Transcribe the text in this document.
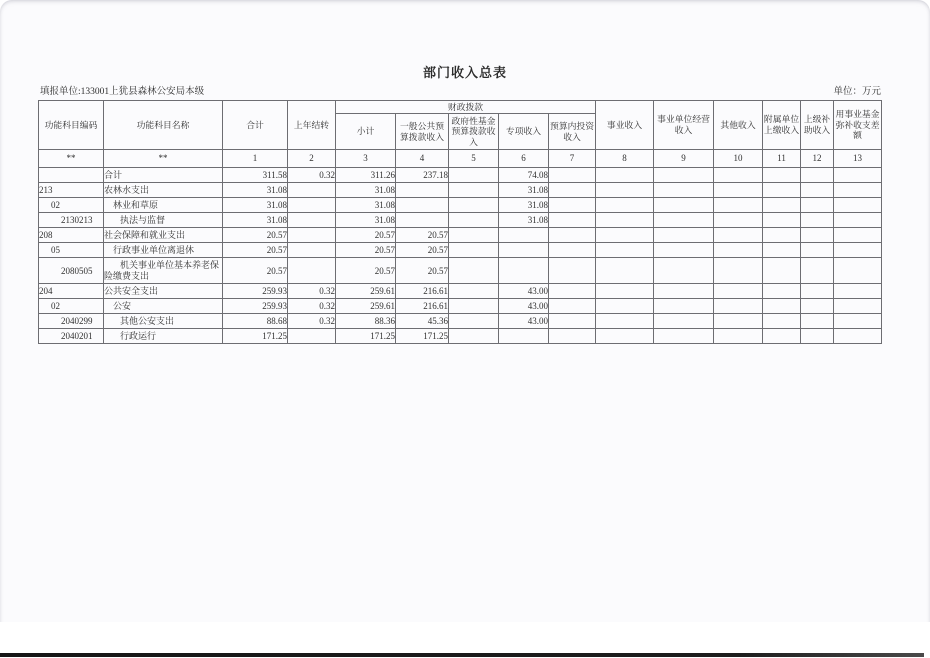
部门收入总表
填报单位:133001上犹县森林公安局本级	单位：万元
功能科目编码	功能科目名称	合计	上年结转	财政拨款					事业收入	事业单位经营收入	其他收入	附属单位上缴收入	上级补助收入	用事业基金弥补收支差额
				小计	一般公共预算拨款收入	政府性基金预算拨款收入	专项收入	预算内投资收入						
**	**	1	2	3	4	5	6	7	8	9	10	11	12	13
	合计	311.58	0.32	311.26	237.18		74.08							
213	农林水支出	31.08		31.08			31.08							
02	林业和草原	31.08		31.08			31.08							
2130213	执法与监督	31.08		31.08			31.08							
208	社会保障和就业支出	20.57		20.57	20.57									
05	行政事业单位离退休	20.57		20.57	20.57									
2080505	机关事业单位基本养老保险缴费支出	20.57		20.57	20.57									
204	公共安全支出	259.93	0.32	259.61	216.61		43.00							
02	公安	259.93	0.32	259.61	216.61		43.00							
2040299	其他公安支出	88.68	0.32	88.36	45.36		43.00							
2040201	行政运行	171.25		171.25	171.25									
